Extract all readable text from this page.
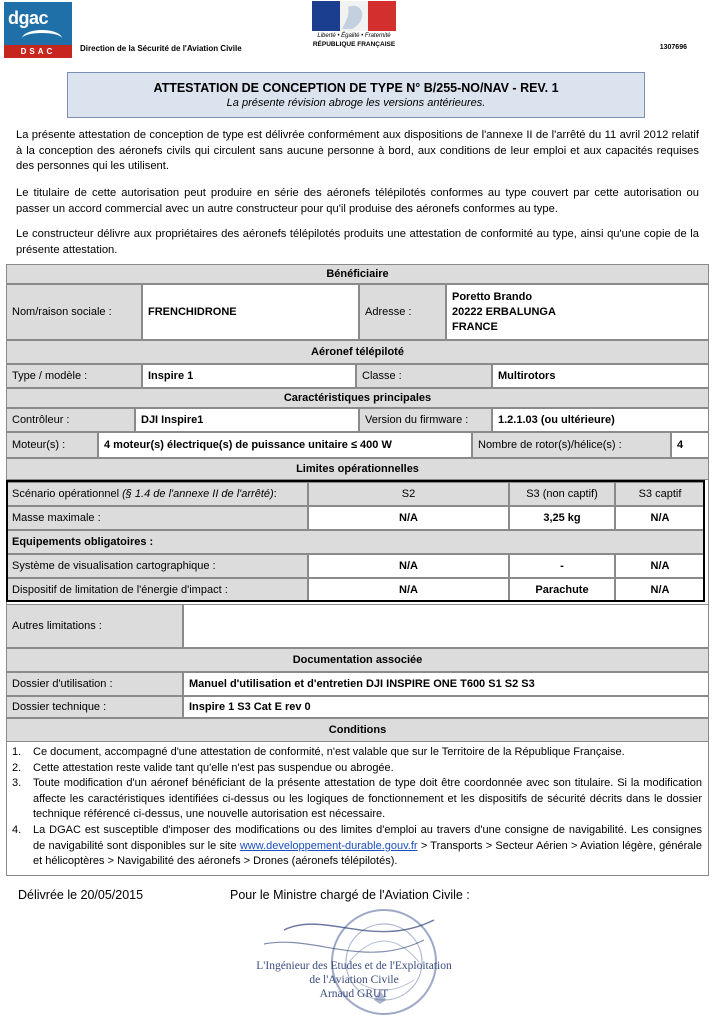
dgac
DSAC	Direction de la Sécurité de l'Aviation Civile
Liberté • Égalité • Fraternité
RÉPUBLIQUE FRANÇAISE	1307696
ATTESTATION DE CONCEPTION DE TYPE N° B/255-NO/NAV - REV. 1
La présente révision abroge les versions antérieures.
La présente attestation de conception de type est délivrée conformément aux dispositions de l'annexe II de l'arrêté du 11 avril 2012 relatif à la conception des aéronefs civils qui circulent sans aucune personne à bord, aux conditions de leur emploi et aux capacités requises des personnes qui les utilisent.
Le titulaire de cette autorisation peut produire en série des aéronefs télépilotés conformes au type couvert par cette autorisation ou passer un accord commercial avec un autre constructeur pour qu'il produise des aéronefs conformes au type.
Le constructeur délivre aux propriétaires des aéronefs télépilotés produits une attestation de conformité au type, ainsi qu'une copie de la présente attestation.
Bénéficiaire
Nom/raison sociale :	FRENCHIDRONE	Adresse :
Poretto Brando
20222 ERBALUNGA
FRANCE
Aéronef télépiloté
Type / modèle :	Inspire 1	Classe :	Multirotors
Caractéristiques principales
Contrôleur :	DJI Inspire1	Version du firmware :	1.2.1.03 (ou ultérieure)
Moteur(s) :	4 moteur(s) électrique(s) de puissance unitaire ≤ 400 W	Nombre de rotor(s)/hélice(s) :	4
Limites opérationnelles
Scénario opérationnel
(§ 1.4 de l'annexe II de l'arrêté) :	S2	S3 (non captif)	S3 captif
Masse maximale :	N/A	3,25 kg	N/A
Equipements obligatoires :
Système de visualisation cartographique :	N/A	-	N/A
Dispositif de limitation de l'énergie d'impact :	N/A	Parachute	N/A
Autres limitations :
Documentation associée
Dossier d'utilisation :	Manuel d'utilisation et d'entretien DJI INSPIRE ONE T600 S1 S2 S3
Dossier technique :	Inspire 1 S3 Cat E rev 0
Conditions
1. Ce document, accompagné d'une attestation de conformité, n'est valable que sur le Territoire de la République Française.
2. Cette attestation reste valide tant qu'elle n'est pas suspendue ou abrogée.
3. Toute modification d'un aéronef bénéficiant de la présente attestation de type doit être coordonnée avec son titulaire. Si la modification affecte les caractéristiques identifiées ci-dessus ou les logiques de fonctionnement et les dispositifs de sécurité décrits dans le dossier technique référencé ci-dessus, une nouvelle autorisation est nécessaire.
4. La DGAC est susceptible d'imposer des modifications ou des limites d'emploi au travers d'une consigne de navigabilité. Les consignes de navigabilité sont disponibles sur le site www.developpement-durable.gouv.fr > Transports > Secteur Aérien > Aviation légère, générale et hélicoptères > Navigabilité des aéronefs > Drones (aéronefs télépilotés).
Délivrée le 20/05/2015	Pour le Ministre chargé de l'Aviation Civile :
L'Ingénieur des Etudes et de l'Exploitation
de l'Aviation Civile
Arnaud GRUT
